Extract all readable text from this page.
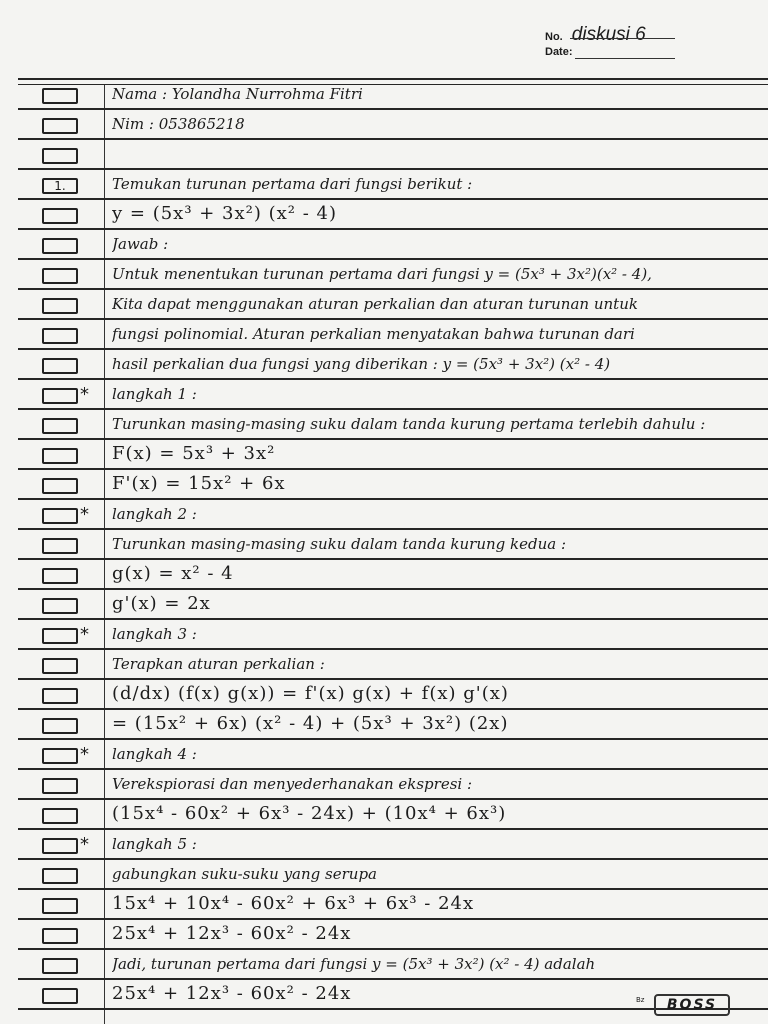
No. diskusi 6
Date:
Nama : Yolandha Nurrohma Fitri
Nim : 053865218
1.	Temukan turunan pertama dari fungsi berikut :
y = (5x³ + 3x²) (x² - 4)
Jawab :
Untuk menentukan turunan pertama dari fungsi y = (5x³ + 3x²)(x² - 4),
Kita dapat menggunakan aturan perkalian dan aturan turunan untuk
fungsi polinomial. Aturan perkalian menyatakan bahwa turunan dari
hasil perkalian dua fungsi yang diberikan : y = (5x³ + 3x²) (x² - 4)
* langkah 1 :
Turunkan masing-masing suku dalam tanda kurung pertama terlebih dahulu :
F(x) = 5x³ + 3x²
F'(x) = 15x² + 6x
* langkah 2 :
Turunkan masing-masing suku dalam tanda kurung kedua :
g(x) = x² - 4
g'(x) = 2x
* langkah 3 :
Terapkan aturan perkalian :
(d/dx) (f(x) g(x)) = f'(x) g(x) + f(x) g'(x)
= (15x² + 6x) (x² - 4) + (5x³ + 3x²) (2x)
* langkah 4 :
Verekspiorasi dan menyederhanakan ekspresi :
(15x⁴ - 60x² + 6x³ - 24x) + (10x⁴ + 6x³)
* langkah 5 :
gabungkan suku-suku yang serupa
15x⁴ + 10x⁴ - 60x² + 6x³ + 6x³ - 24x
25x⁴ + 12x³ - 60x² - 24x
Jadi, turunan pertama dari fungsi y = (5x³ + 3x²) (x² - 4) adalah
25x⁴ + 12x³ - 60x² - 24x	Bz	BOSS
